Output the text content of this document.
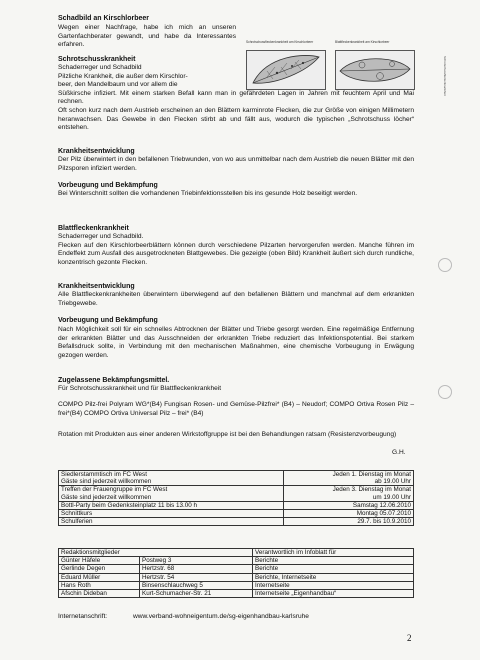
Schadbild an Kirschlorbeer
Wegen einer Nachfrage, habe ich mich an unseren Gartenfachberater gewandt, und habe da Interessantes erfahren.	Schrotschussfleckenkrankheit am Kirschlorbeer	Blattfleckenkrankheit am Kirschlorbeer
Schrotschussfleckenkrankheit
Schrotschusskrankheit
Schaderreger und Schadbild
Pilzliche Krankheit, die außer dem Kirschlor-
beer, den Mandelbaum und vor allem die
Süßkirsche infiziert. Mit einem starken Befall kann man in gefährdeten Lagen in Jahren mit feuchtem April und Mai rechnen.
Oft schon kurz nach dem Austrieb erscheinen an den Blättern karminrote Flecken, die zur Größe von einigen Millimetern heranwachsen. Das Gewebe in den Flecken stirbt ab und fällt aus, wodurch die typischen „Schrotschuss löcher“ entstehen.
Krankheitsentwicklung
Der Pilz überwintert in den befallenen Triebwunden, von wo aus unmittelbar nach dem Austrieb die neuen Blätter mit den Pilzsporen infiziert werden.
Vorbeugung und Bekämpfung
Bei Winterschnitt sollten die vorhandenen Triebinfektionsstellen bis ins gesunde Holz beseitigt werden.
Blattfleckenkrankheit
Schaderreger und Schadbild.
Flecken auf den Kirschlorbeerblättern können durch verschiedene Pilzarten hervorgerufen werden. Manche führen im Endeffekt zum Ausfall des ausgetrockneten Blattgewebes. Die gezeigte (oben Bild) Krankheit äußert sich durch rundliche, konzentrisch gezonte Flecken.
Krankheitsentwicklung
Alle Blattfleckenkrankheiten überwintern überwiegend auf den befallenen Blättern und manchmal auf dem erkrankten Triebgewebe.
Vorbeugung und Bekämpfung
Nach Möglichkeit soll für ein schnelles Abtrocknen der Blätter und Triebe gesorgt werden. Eine regelmäßige Entfernung der erkrankten Blätter und das Ausschneiden der erkrankten Triebe reduziert das Infektionspotential. Bei starkem Befallsdruck sollte, in Verbindung mit den mechanischen Maßnahmen, eine chemische Vorbeugung in Erwägung gezogen werden.
Zugelassene Bekämpfungsmittel.
Für Schrotschusskrankheit und für Blattfleckenkrankheit
COMPO Pilz-frei Polyram WG*(B4) Fungisan Rosen- und Gemüse-Pilzfrei* (B4) – Neudorf; COMPO Ortiva Rosen Pilz – frei*(B4) COMPO Ortiva Universal Pilz – frei* (B4)
Rotation mit Produkten aus einer anderen Wirkstoffgruppe ist bei den Behandlungen ratsam (Resistenzvorbeugung)
G.H.
Siedlerstammtisch im FC West	Jeden 1. Dienstag im Monat
Gäste sind jederzeit willkommen	ab 19.00 Uhr
Treffen der Frauengruppe im FC West	Jeden 3. Dienstag im Monat
Gäste sind jederzeit willkommen	um 19.00 Uhr
Bottl-Party beim Gedenksteinplatz 11 bis 13.00 h	Samstag 12.06.2010
Schnittkurs	Montag 05.07.2010
Schulferien	29.7. bis 10.9.2010
Redaktionsmitglieder		Verantwortlich im Infoblatt für
Günter Häfele	Postweg 3	Berichte
Gerlinde Degen	Hertzstr. 68	Berichte
Eduard Müller	Hertzstr. 54	Berichte, Internetseite
Hans Roth	Binsenschlauchweg 5	Internetseite
Afschin Dideban	Kurt-Schumacher-Str. 21	Internetseite „Eigenhandbau“
Internetanschrift:	www.verband-wohneigentum.de/sg-eigenhandbau-karlsruhe
2
